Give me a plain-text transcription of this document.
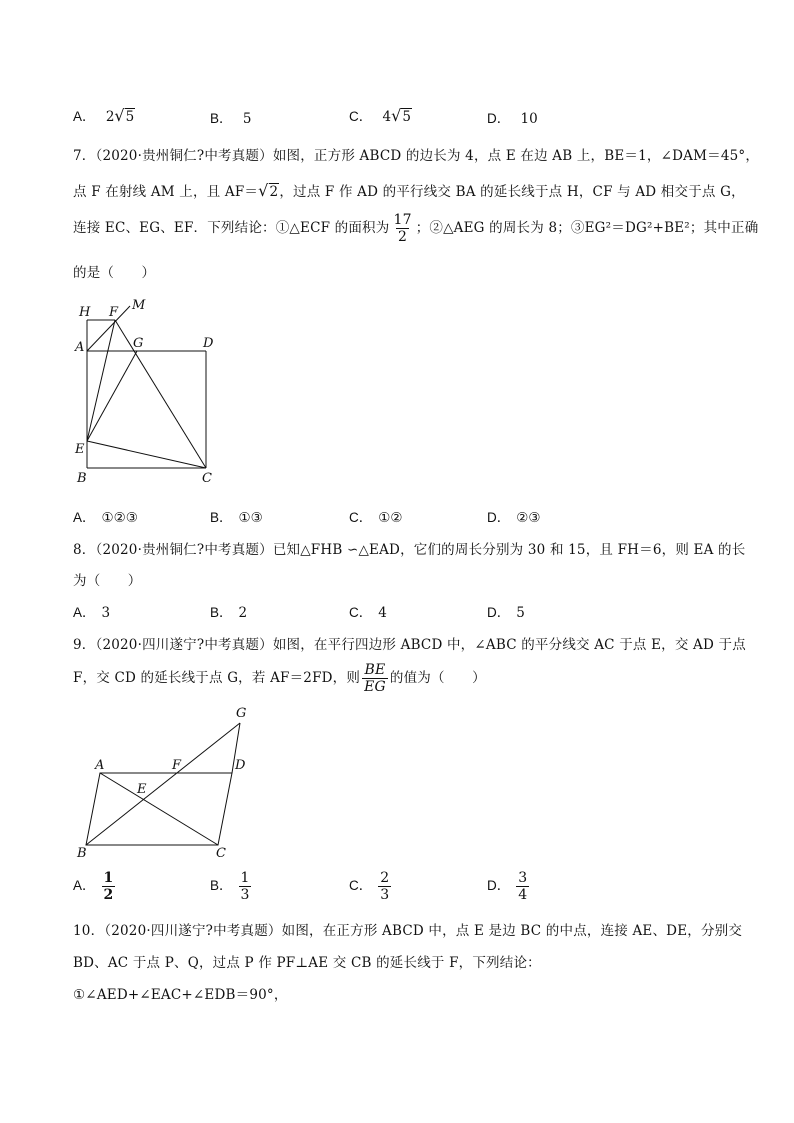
A． 2√5	B． 5	C． 4√5	D． 10
7．（2020·贵州铜仁?中考真题）如图，正方形 ABCD 的边长为 4，点 E 在边 AB 上，BE＝1，∠DAM＝45°，
点 F 在射线 AM 上，且 AF＝√2，过点 F 作 AD 的平行线交 BA 的延长线于点 H，CF 与 AD 相交于点 G，
连接 EC、EG、EF．下列结论：①△ECF 的面积为 $\frac{17}{2}$ ；②△AEG 的周长为 8；③EG²＝DG²+BE²；其中正确
的是（　　）
H F M
A	G	D
E
B	C
A． ①②③	B． ①③	C． ①②	D． ②③
8．（2020·贵州铜仁?中考真题）已知△FHB ∽△EAD，它们的周长分别为 30 和 15，且 FH＝6，则 EA 的长
为（　　）
A． 3	B． 2	C． 4	D． 5
9．（2020·四川遂宁?中考真题）如图，在平行四边形 ABCD 中，∠ABC 的平分线交 AC 于点 E，交 AD 于点
F，交 CD 的延长线于点 G，若 AF＝2FD，则 $\frac{BE}{EG}$ 的值为（　　）
G
A	F	D
E
B	C
A． $\frac{1}{2}$	B． $\frac{1}{3}$	C． $\frac{2}{3}$	D． $\frac{3}{4}$
10．（2020·四川遂宁?中考真题）如图，在正方形 ABCD 中，点 E 是边 BC 的中点，连接 AE、DE，分别交
BD、AC 于点 P、Q，过点 P 作 PF⊥AE 交 CB 的延长线于 F，下列结论：
①∠AED+∠EAC+∠EDB＝90°，
